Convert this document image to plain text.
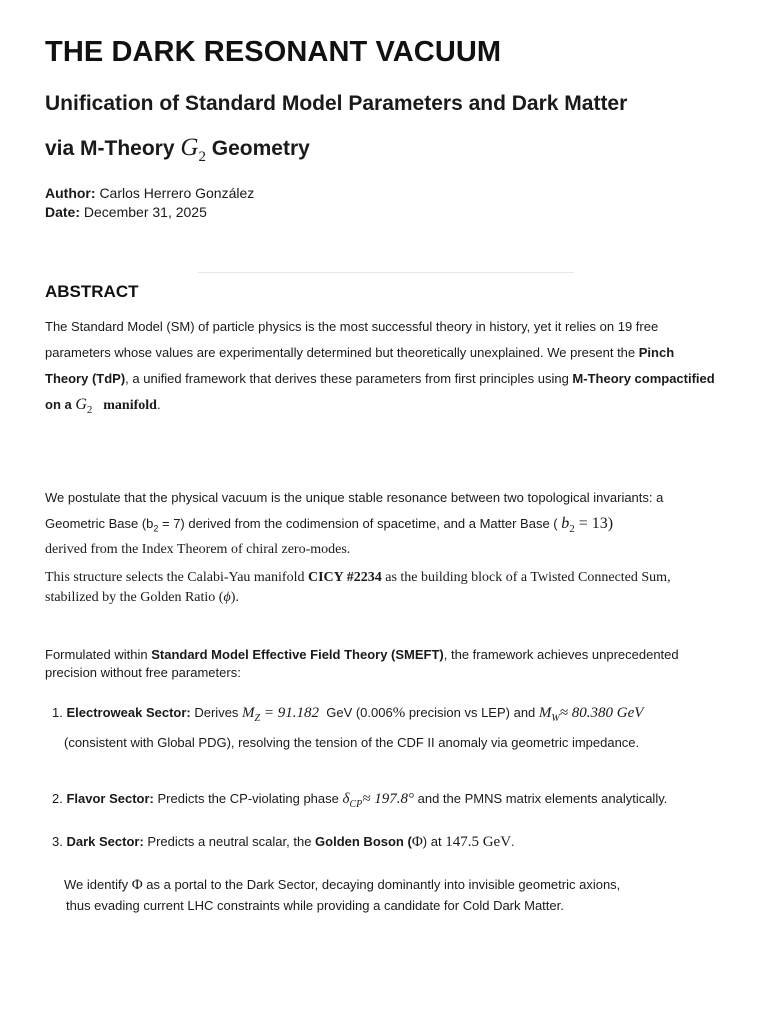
THE DARK RESONANT VACUUM
Unification of Standard Model Parameters and Dark Matter
via M-Theory $G_2$ Geometry
Author: Carlos Herrero González
Date: December 31, 2025
ABSTRACT
The Standard Model (SM) of particle physics is the most successful theory in history, yet it relies on 19 free parameters whose values are experimentally determined but theoretically unexplained. We present the Pinch Theory (TdP), a unified framework that derives these parameters from first principles using M-Theory compactified on a $G_2$ manifold.
We postulate that the physical vacuum is the unique stable resonance between two topological invariants: a Geometric Base $(b_2 = 7)$ derived from the codimension of spacetime, and a Matter Base ( $b_2 = 13$)
derived from the Index Theorem of chiral zero-modes.
This structure selects the Calabi-Yau manifold CICY #2234 as the building block of a Twisted Connected Sum, stabilized by the Golden Ratio (ϕ).
Formulated within Standard Model Effective Field Theory (SMEFT), the framework achieves unprecedented precision without free parameters:
1. Electroweak Sector: Derives $M_Z = 91.182$  GeV (0.006% precision vs LEP) and $M_W\approx 80.380$ GeV
(consistent with Global PDG), resolving the tension of the CDF II anomaly via geometric impedance.
2. Flavor Sector: Predicts the CP-violating phase $\delta_{CP}\approx 197.8^\circ$ and the PMNS matrix elements analytically.
3. Dark Sector: Predicts a neutral scalar, the Golden Boson (Φ) at 147.5 GeV.
We identify Φ as a portal to the Dark Sector, decaying dominantly into invisible geometric axions,
thus evading current LHC constraints while providing a candidate for Cold Dark Matter.
